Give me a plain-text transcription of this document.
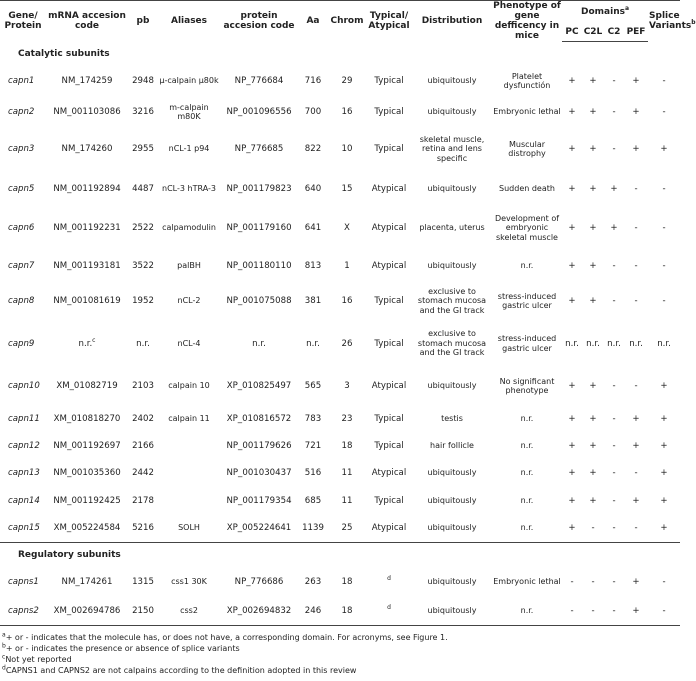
Gene/ Protein	mRNA accesion code	pb	Aliases	protein accesion code	Aa	Chrom	Typical/ Atypical	Distribution	Phenotype of gene defficency in mice	Domains$^a$				Splice Variants$^b$
										PC	C2L	C2	PEF	
Catalytic subunits														
capn1	NM_174259	2948	μ-calpain μ80k	NP_776684	716	29	Typical	ubiquitously	Platelet dysfunctión	+	+	-	+	-
capn2	NM_001103086	3216	m-calpain m80K	NP_001096556	700	16	Typical	ubiquitously	Embryonic lethal	+	+	-	+	-
capn3	NM_174260	2955	nCL-1 p94	NP_776685	822	10	Typical	skeletal muscle, retina and lens specific	Muscular distrophy	+	+	-	+	+
capn5	NM_001192894	4487	nCL-3 hTRA-3	NP_001179823	640	15	Atypical	ubiquitously	Sudden death	+	+	+	-	-
capn6	NM_001192231	2522	calpamodulin	NP_001179160	641	X	Atypical	placenta, uterus	Development of embryonic skeletal muscle	+	+	+	-	-
capn7	NM_001193181	3522	palBH	NP_001180110	813	1	Atypical	ubiquitously	n.r.	+	+	-	-	-
capn8	NM_001081619	1952	nCL-2	NP_001075088	381	16	Typical	exclusive to stomach mucosa and the GI track	stress-induced gastric ulcer	+	+	-	-	-
capn9	n.r.$^c$	n.r.	nCL-4	n.r.	n.r.	26	Typical	exclusive to stomach mucosa and the GI track	stress-induced gastric ulcer	n.r.	n.r.	n.r.	n.r.	n.r.
capn10	XM_01082719	2103	calpain 10	XP_010825497	565	3	Atypical	ubiquitously	No significant phenotype	+	+	-	-	+
capn11	XM_010818270	2402	calpain 11	XP_010816572	783	23	Typical	testis	n.r.	+	+	-	+	+
capn12	NM_001192697	2166		NP_001179626	721	18	Typical	hair follicle	n.r.	+	+	-	+	+
capn13	NM_001035360	2442		NP_001030437	516	11	Atypical	ubiquitously	n.r.	+	+	-	-	+
capn14	NM_001192425	2178		NP_001179354	685	11	Typical	ubiquitously	n.r.	+	+	-	+	+
capn15	XM_005224584	5216	SOLH	XP_005224641	1139	25	Atypical	ubiquitously	n.r.	+	-	-	-	+
Regulatory subunits														
capns1	NM_174261	1315	css1 30K	NP_776686	263	18	$^d$	ubiquitously	Embryonic lethal	-	-	-	+	-
capns2	XM_002694786	2150	css2	XP_002694832	246	18	$^d$	ubiquitously	n.r.	-	-	-	+	-
$^a$+ or - indicates that the molecule has, or does not have, a corresponding domain. For acronyms, see Figure 1.
$^b$+ or - indicates the presence or absence of splice variants
$^c$Not yet reported
$^d$CAPNS1 and CAPNS2 are not calpains according to the definition adopted in this review
